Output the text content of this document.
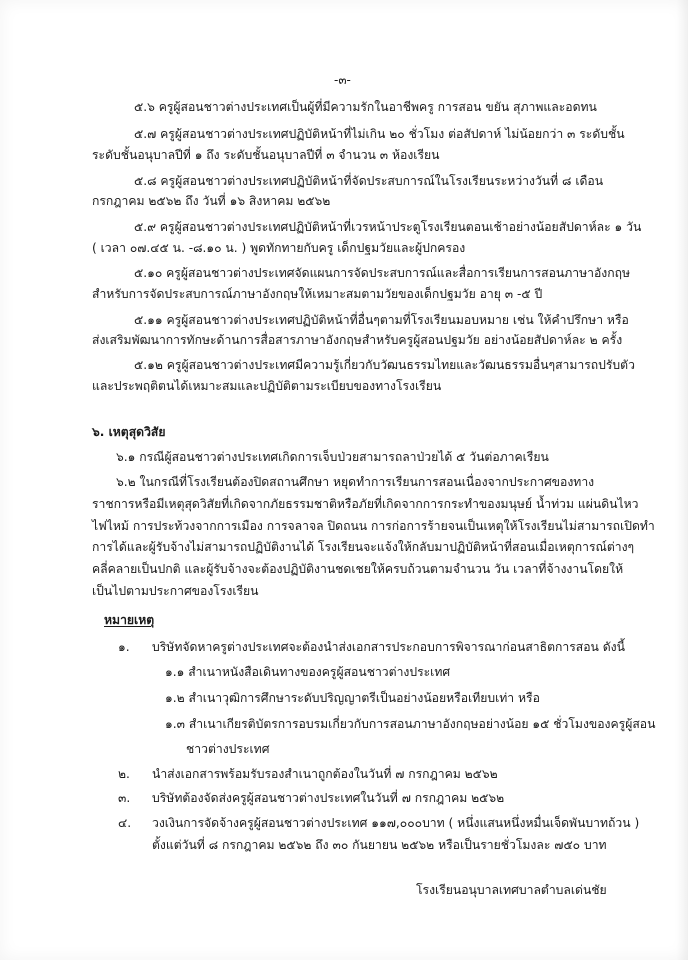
-๓-
๕.๖ ครูผู้สอนชาวต่างประเทศเป็นผู้ที่มีความรักในอาชีพครู การสอน ขยัน สุภาพและอดทน
๕.๗ ครูผู้สอนชาวต่างประเทศปฏิบัติหน้าที่ไม่เกิน ๒๐ ชั่วโมง ต่อสัปดาห์ ไม่น้อยกว่า ๓ ระดับชั้น
ระดับชั้นอนุบาลปีที่ ๑ ถึง ระดับชั้นอนุบาลปีที่ ๓ จำนวน ๓ ห้องเรียน
๕.๘ ครูผู้สอนชาวต่างประเทศปฏิบัติหน้าที่จัดประสบการณ์ในโรงเรียนระหว่างวันที่ ๘ เดือน
กรกฎาคม ๒๕๖๒ ถึง วันที่ ๑๖ สิงหาคม ๒๕๖๒
๕.๙ ครูผู้สอนชาวต่างประเทศปฏิบัติหน้าที่เวรหน้าประตูโรงเรียนตอนเช้าอย่างน้อยสัปดาห์ละ ๑ วัน
( เวลา ๐๗.๔๕ น. -๘.๑๐ น. ) พูดทักทายกับครู เด็กปฐมวัยและผู้ปกครอง
๕.๑๐ ครูผู้สอนชาวต่างประเทศจัดแผนการจัดประสบการณ์และสื่อการเรียนการสอนภาษาอังกฤษ
สำหรับการจัดประสบการณ์ภาษาอังกฤษให้เหมาะสมตามวัยของเด็กปฐมวัย อายุ ๓ -๕ ปี
๕.๑๑ ครูผู้สอนชาวต่างประเทศปฏิบัติหน้าที่อื่นๆตามที่โรงเรียนมอบหมาย เช่น ให้คำปรึกษา หรือ
ส่งเสริมพัฒนาการทักษะด้านการสื่อสารภาษาอังกฤษสำหรับครูผู้สอนปฐมวัย อย่างน้อยสัปดาห์ละ ๒ ครั้ง
๕.๑๒ ครูผู้สอนชาวต่างประเทศมีความรู้เกี่ยวกับวัฒนธรรมไทยและวัฒนธรรมอื่นๆสามารถปรับตัว
และประพฤติตนได้เหมาะสมและปฏิบัติตามระเบียบของทางโรงเรียน
๖. เหตุสุดวิสัย
๖.๑ กรณีผู้สอนชาวต่างประเทศเกิดการเจ็บป่วยสามารถลาป่วยได้ ๕ วันต่อภาคเรียน
๖.๒ ในกรณีที่โรงเรียนต้องปิดสถานศึกษา หยุดทำการเรียนการสอนเนื่องจากประกาศของทาง
ราชการหรือมีเหตุสุดวิสัยที่เกิดจากภัยธรรมชาติหรือภัยที่เกิดจากการกระทำของมนุษย์ น้ำท่วม แผ่นดินไหว
ไฟไหม้ การประท้วงจากการเมือง การจลาจล ปิดถนน การก่อการร้ายจนเป็นเหตุให้โรงเรียนไม่สามารถเปิดทำ
การได้และผู้รับจ้างไม่สามารถปฏิบัติงานได้ โรงเรียนจะแจ้งให้กลับมาปฏิบัติหน้าที่สอนเมื่อเหตุการณ์ต่างๆ
คลี่คลายเป็นปกติ และผู้รับจ้างจะต้องปฏิบัติงานชดเชยให้ครบถ้วนตามจำนวน วัน เวลาที่จ้างงานโดยให้
เป็นไปตามประกาศของโรงเรียน
หมายเหตุ
๑. บริษัทจัดหาครูต่างประเทศจะต้องนำส่งเอกสารประกอบการพิจารณาก่อนสาธิตการสอน ดังนี้
๑.๑ สำเนาหนังสือเดินทางของครูผู้สอนชาวต่างประเทศ
๑.๒ สำเนาวุฒิการศึกษาระดับปริญญาตรีเป็นอย่างน้อยหรือเทียบเท่า หรือ
๑.๓ สำเนาเกียรติบัตรการอบรมเกี่ยวกับการสอนภาษาอังกฤษอย่างน้อย ๑๕ ชั่วโมงของครูผู้สอน
ชาวต่างประเทศ
๒. นำส่งเอกสารพร้อมรับรองสำเนาถูกต้องในวันที่ ๗ กรกฎาคม ๒๕๖๒
๓. บริษัทต้องจัดส่งครูผู้สอนชาวต่างประเทศในวันที่ ๗ กรกฎาคม ๒๕๖๒
๔. วงเงินการจัดจ้างครูผู้สอนชาวต่างประเทศ ๑๑๗,๐๐๐บาท ( หนึ่งแสนหนึ่งหมื่นเจ็ดพันบาทถ้วน )
ตั้งแต่วันที่ ๘ กรกฎาคม ๒๕๖๒ ถึง ๓๐ กันยายน ๒๕๖๒ หรือเป็นรายชั่วโมงละ ๗๕๐ บาท
โรงเรียนอนุบาลเทศบาลตำบลเด่นชัย
